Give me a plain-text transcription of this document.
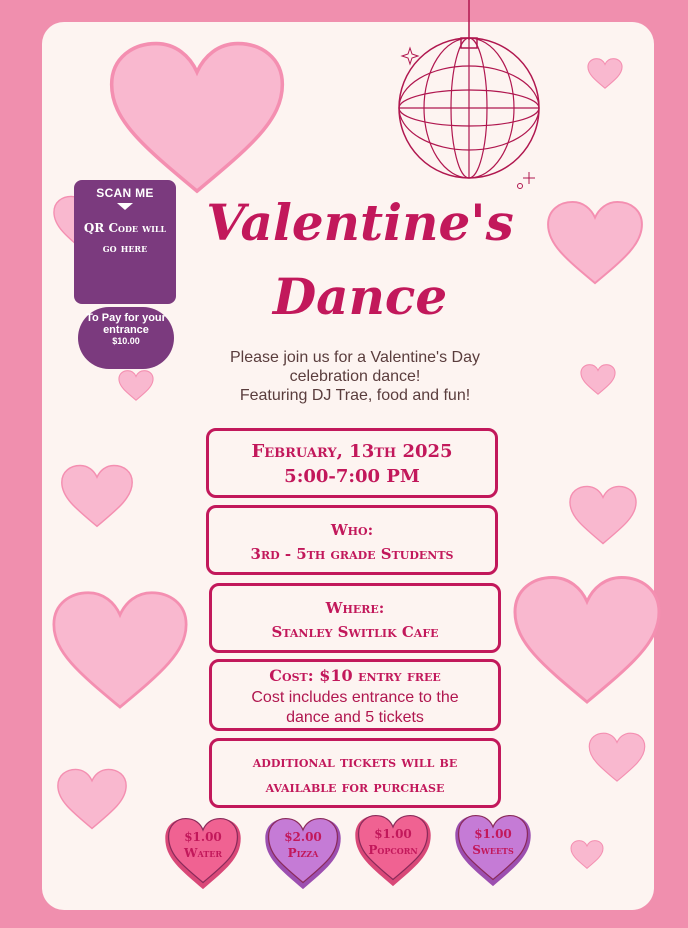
Valentine's
Dance
SCAN ME
QR Code will go here
To Pay for your entrance
$10.00
Please join us for a Valentine's Day
celebration dance!
Featuring DJ Trae, food and fun!
February, 13th 2025
5:00-7:00 PM
Who:
3rd - 5th grade Students
Where:
Stanley Switlik Cafe
Cost: $10 entry free
Cost includes entrance to the
dance and 5 tickets
additional tickets will be
available for purchase
$1.00
Water
$2.00
Pizza
$1.00
Popcorn
$1.00
Sweets
